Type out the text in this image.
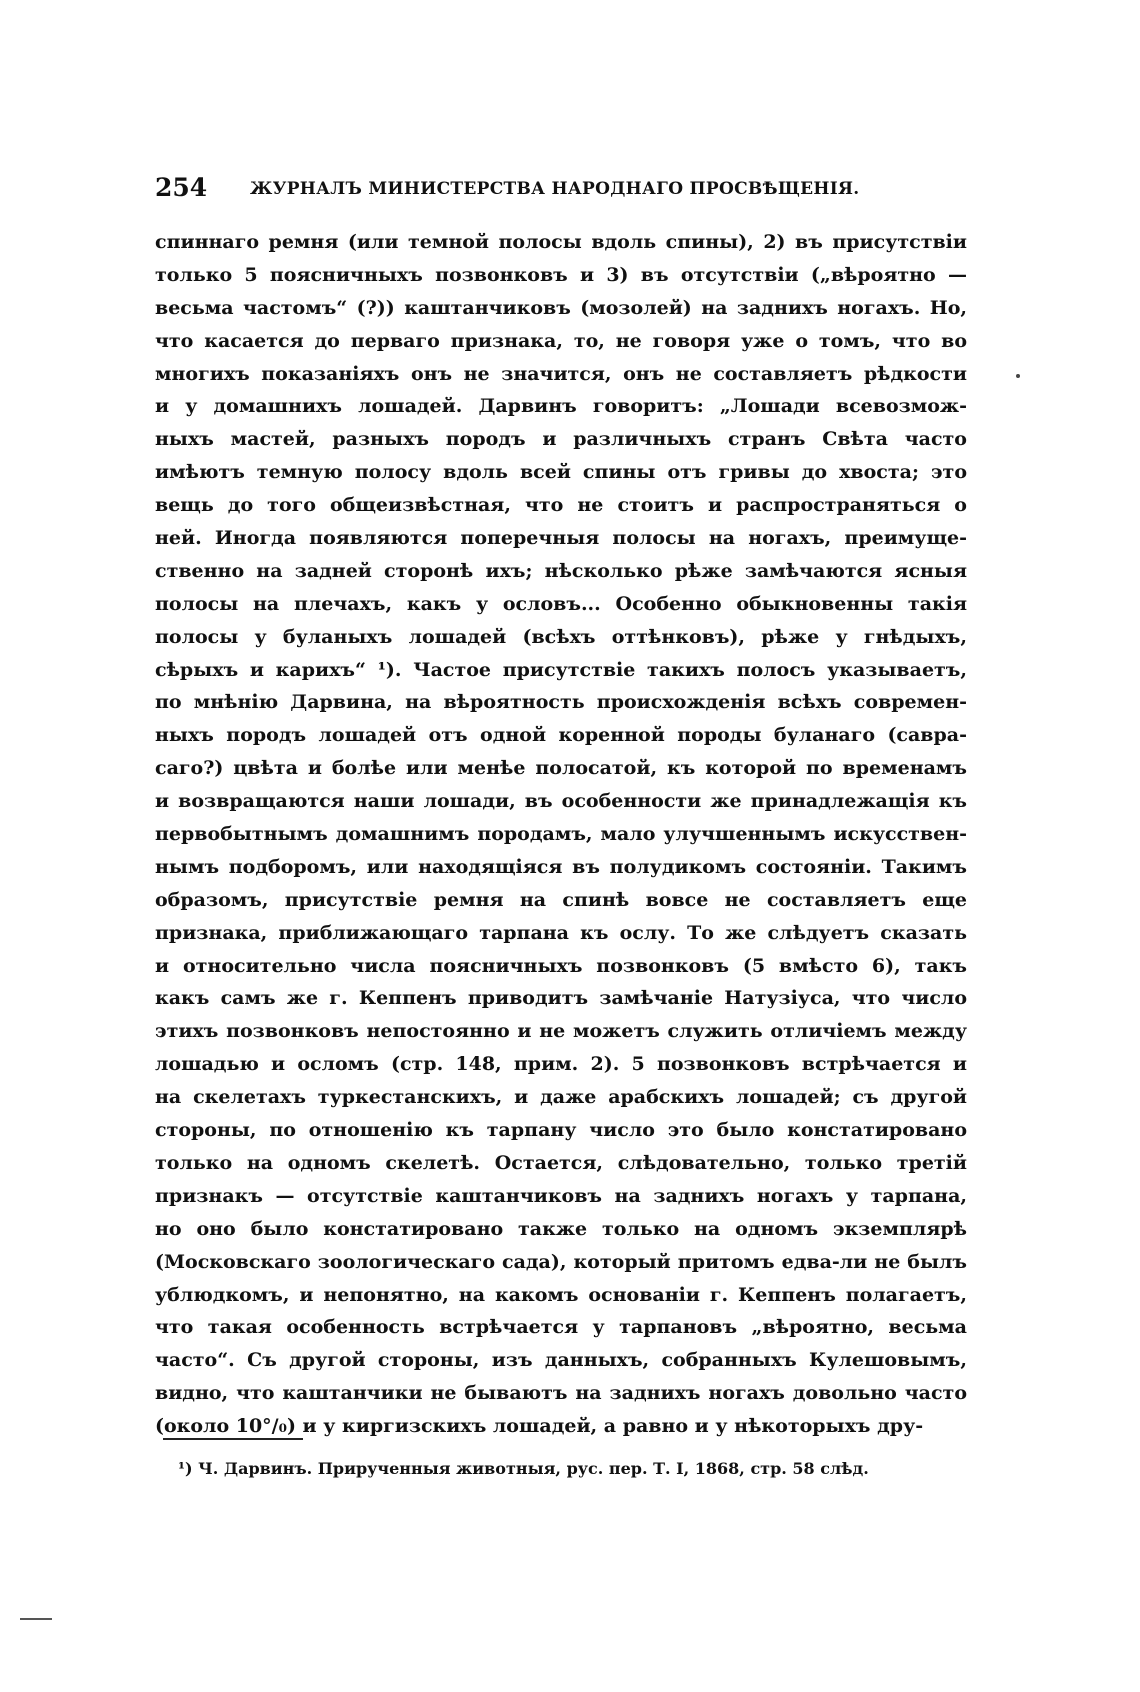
254	ЖУРНАЛЪ МИНИСТЕРСТВА НАРОДНАГО ПРОСВѢЩЕНІЯ.
спиннаго ремня (или темной полосы вдоль спины), 2) въ присутствіи
только 5 поясничныхъ позвонковъ и 3) въ отсутствіи („вѣроятно —
весьма частомъ“ (?)) каштанчиковъ (мозолей) на заднихъ ногахъ. Но,
что касается до перваго признака, то, не говоря уже о томъ, что во
многихъ показаніяхъ онъ не значится, онъ не составляетъ рѣдкости
и у домашнихъ лошадей. Дарвинъ говоритъ: „Лошади всевозмож-
ныхъ мастей, разныхъ породъ и различныхъ странъ Свѣта часто
имѣютъ темную полосу вдоль всей спины отъ гривы до хвоста; это
вещь до того общеизвѣстная, что не стоитъ и распространяться о
ней. Иногда появляются поперечныя полосы на ногахъ, преимуще-
ственно на задней сторонѣ ихъ; нѣсколько рѣже замѣчаются ясныя
полосы на плечахъ, какъ у ословъ... Особенно обыкновенны такія
полосы у буланыхъ лошадей (всѣхъ оттѣнковъ), рѣже у гнѣдыхъ,
сѣрыхъ и карихъ“ ¹). Частое присутствіе такихъ полосъ указываетъ,
по мнѣнію Дарвина, на вѣроятность происхожденія всѣхъ современ-
ныхъ породъ лошадей отъ одной коренной породы буланаго (савра-
саго?) цвѣта и болѣе или менѣе полосатой, къ которой по временамъ
и возвращаются наши лошади, въ особенности же принадлежащія къ
первобытнымъ домашнимъ породамъ, мало улучшеннымъ искусствен-
нымъ подборомъ, или находящіяся въ полудикомъ состояніи. Такимъ
образомъ, присутствіе ремня на спинѣ вовсе не составляетъ еще
признака, приближающаго тарпана къ ослу. То же слѣдуетъ сказать
и относительно числа поясничныхъ позвонковъ (5 вмѣсто 6), такъ
какъ самъ же г. Кеппенъ приводитъ замѣчаніе Натузіуса, что число
этихъ позвонковъ непостоянно и не можетъ служить отличіемъ между
лошадью и осломъ (стр. 148, прим. 2). 5 позвонковъ встрѣчается и
на скелетахъ туркестанскихъ, и даже арабскихъ лошадей; съ другой
стороны, по отношенію къ тарпану число это было констатировано
только на одномъ скелетѣ. Остается, слѣдовательно, только третій
признакъ — отсутствіе каштанчиковъ на заднихъ ногахъ у тарпана,
но оно было констатировано также только на одномъ экземплярѣ
(Московскаго зоологическаго сада), который притомъ едва-ли не былъ
ублюдкомъ, и непонятно, на какомъ основаніи г. Кеппенъ полагаетъ,
что такая особенность встрѣчается у тарпановъ „вѣроятно, весьма
часто“. Съ другой стороны, изъ данныхъ, собранныхъ Кулешовымъ,
видно, что каштанчики не бываютъ на заднихъ ногахъ довольно часто
(около 10°/₀) и у киргизскихъ лошадей, а равно и у нѣкоторыхъ дру-
¹) Ч. Дарвинъ. Прирученныя животныя, рус. пер. Т. I, 1868, стр. 58 слѣд.
